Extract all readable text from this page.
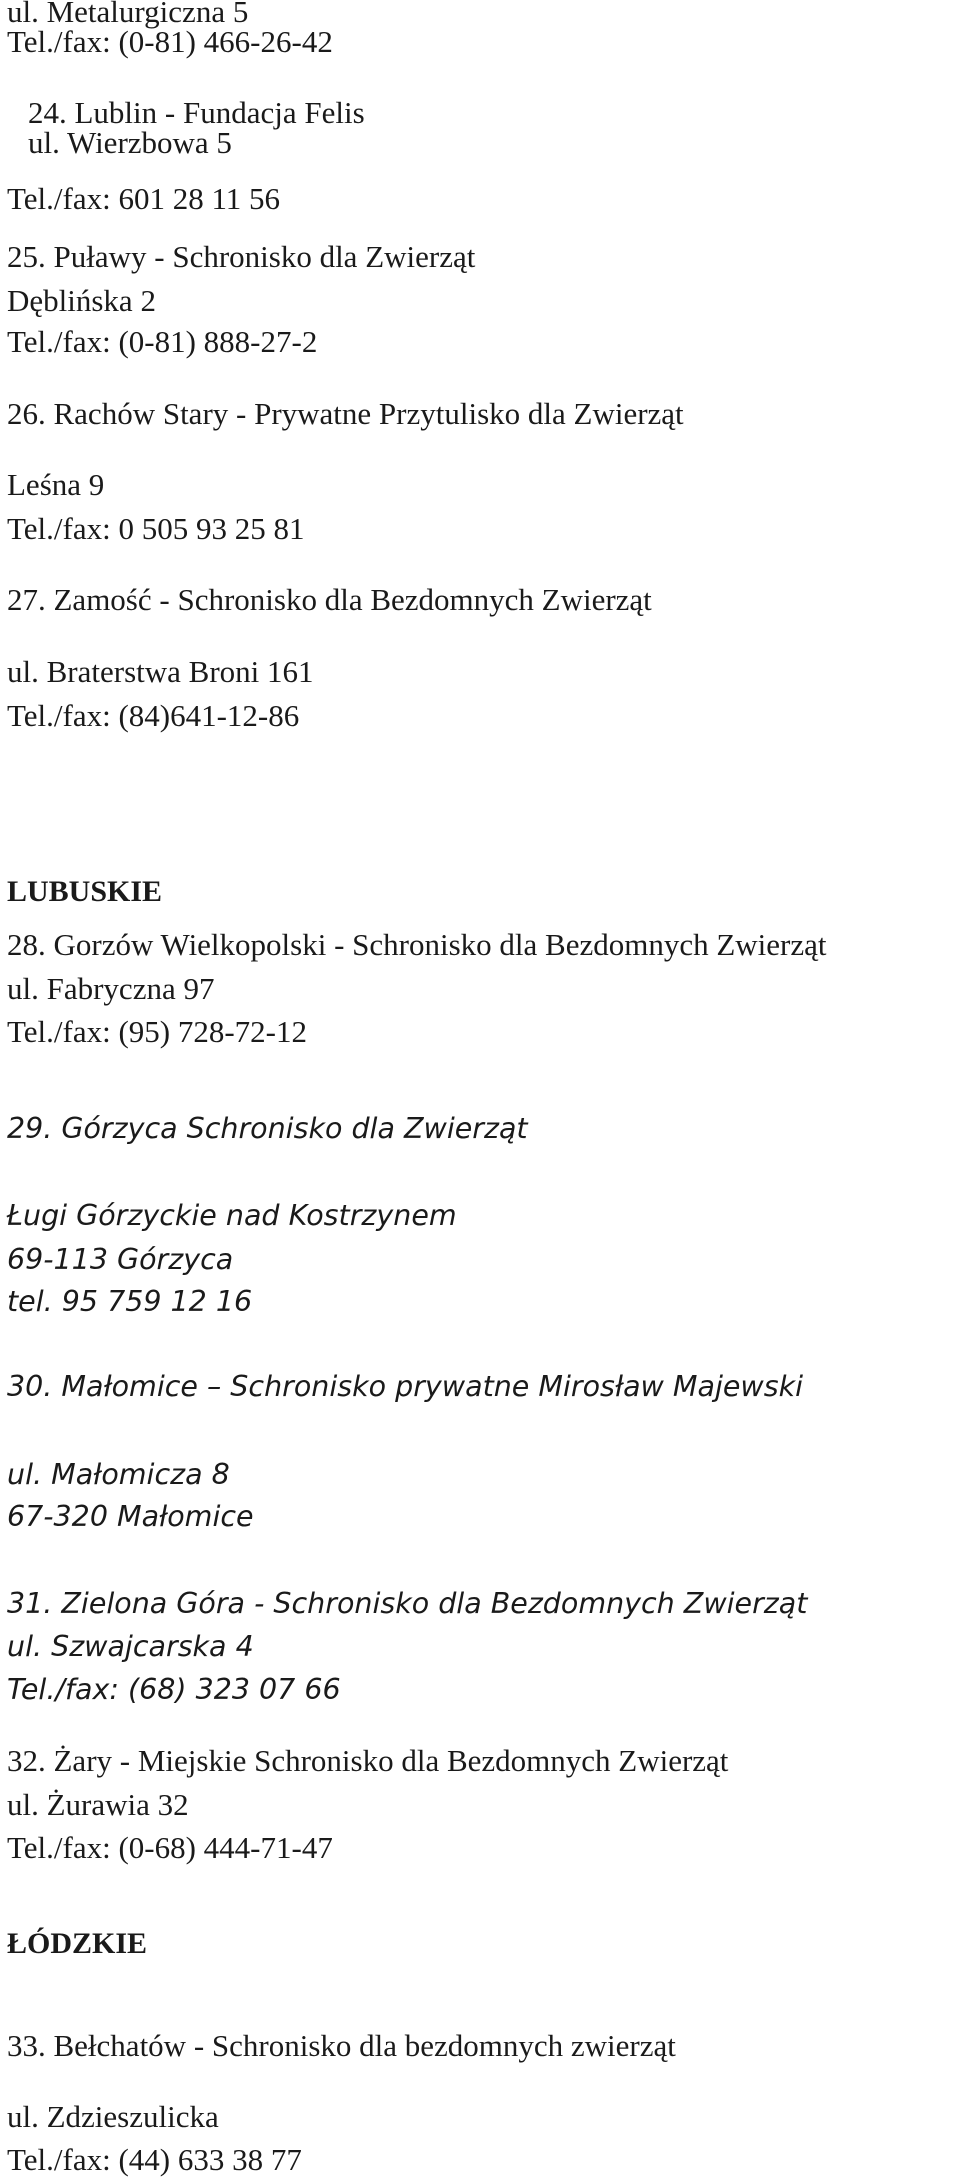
ul. Metalurgiczna 5
Tel./fax: (0-81) 466-26-42
24. Lublin - Fundacja Felis
ul. Wierzbowa 5
Tel./fax: 601 28 11 56
25. Puławy - Schronisko dla Zwierząt
Dęblińska 2
Tel./fax: (0-81) 888-27-2
26. Rachów Stary - Prywatne Przytulisko dla Zwierząt
Leśna 9
Tel./fax: 0 505 93 25 81
27. Zamość - Schronisko dla Bezdomnych Zwierząt
ul. Braterstwa Broni 161
Tel./fax: (84)641-12-86
LUBUSKIE
28. Gorzów Wielkopolski - Schronisko dla Bezdomnych Zwierząt
ul. Fabryczna 97
Tel./fax: (95) 728-72-12
29. Górzyca Schronisko dla Zwierząt
Ługi Górzyckie nad Kostrzynem
69-113 Górzyca
tel. 95 759 12 16
30. Małomice – Schronisko prywatne Mirosław Majewski
ul. Małomicza 8
67-320 Małomice
31. Zielona Góra - Schronisko dla Bezdomnych Zwierząt
ul. Szwajcarska 4
Tel./fax: (68) 323 07 66
32. Żary - Miejskie Schronisko dla Bezdomnych Zwierząt
ul. Żurawia 32
Tel./fax: (0-68) 444-71-47
ŁÓDZKIE
33. Bełchatów - Schronisko dla bezdomnych zwierząt
ul. Zdzieszulicka
Tel./fax: (44) 633 38 77
